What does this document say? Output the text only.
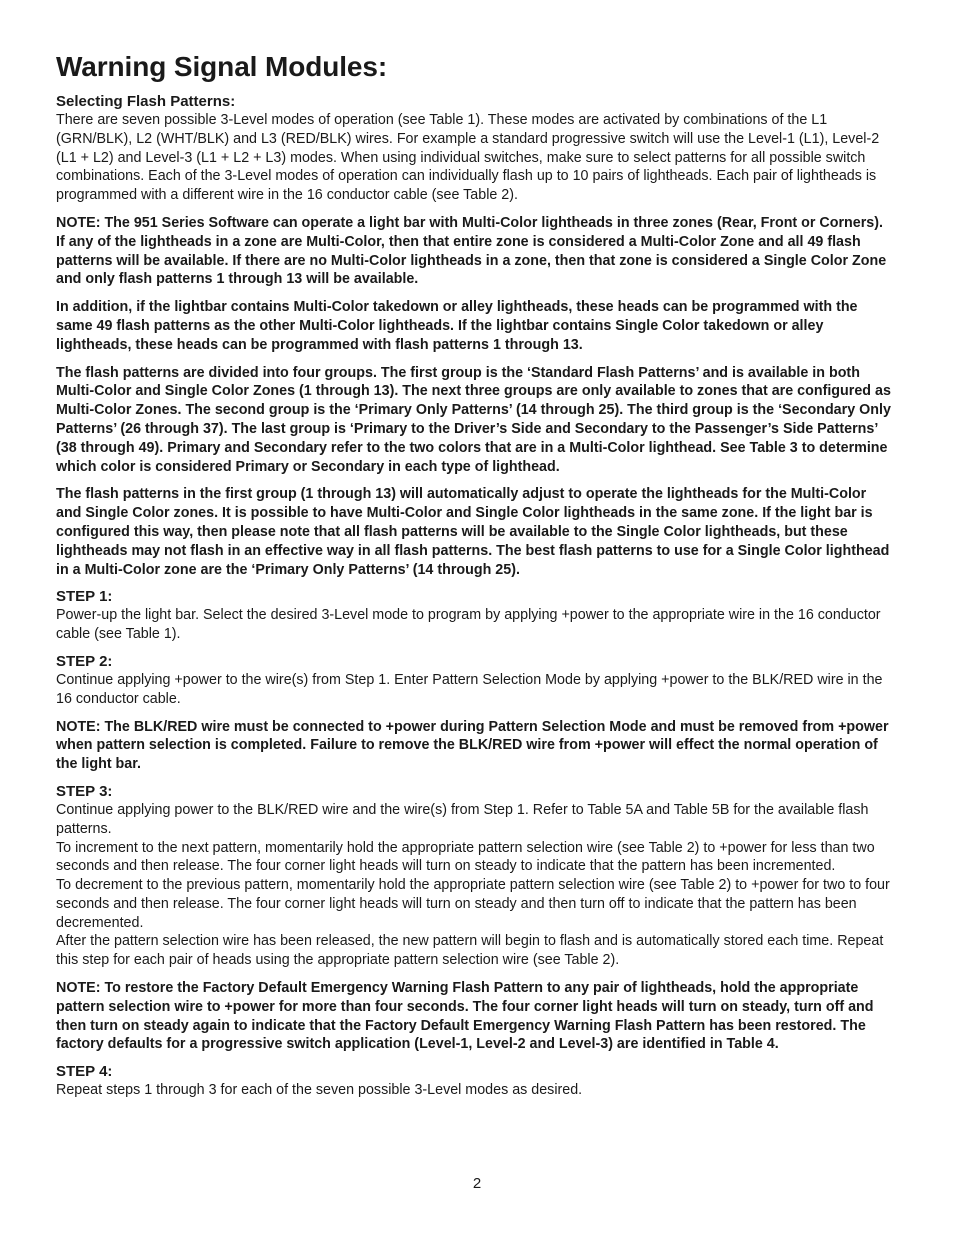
Warning Signal Modules:
Selecting Flash Patterns:

There are seven possible 3-Level modes of operation (see Table 1). These modes are activated by combinations of the L1 (GRN/BLK), L2 (WHT/BLK) and L3 (RED/BLK) wires. For example a standard progressive switch will use the Level-1 (L1), Level-2 (L1 + L2) and Level-3 (L1 + L2 + L3) modes. When using individual switches, make sure to select patterns for all possible switch combinations. Each of the 3-Level modes of operation can individually flash up to 10 pairs of lightheads. Each pair of lightheads is programmed with a different wire in the 16 conductor cable (see Table 2).

NOTE: The 951 Series Software can operate a light bar with Multi-Color lightheads in three zones (Rear, Front or Corners). If any of the lightheads in a zone are Multi-Color, then that entire zone is considered a Multi-Color Zone and all 49 flash patterns will be available. If there are no Multi-Color lightheads in a zone, then that zone is considered a Single Color Zone and only flash patterns 1 through 13 will be available.

In addition, if the lightbar contains Multi-Color takedown or alley lightheads, these heads can be programmed with the same 49 flash patterns as the other Multi-Color lightheads. If the lightbar contains Single Color takedown or alley lightheads, these heads can be programmed with flash patterns 1 through 13.

The flash patterns are divided into four groups. The first group is the ‘Standard Flash Patterns’ and is available in both Multi-Color and Single Color Zones (1 through 13). The next three groups are only available to zones that are configured as Multi-Color Zones. The second group is the ‘Primary Only Patterns’ (14 through 25). The third group is the ‘Secondary Only Patterns’ (26 through 37). The last group is ‘Primary to the Driver’s Side and Secondary to the Passenger’s Side Patterns’ (38 through 49). Primary and Secondary refer to the two colors that are in a Multi-Color lighthead. See Table 3 to determine which color is considered Primary or Secondary in each type of lighthead.

The flash patterns in the first group (1 through 13) will automatically adjust to operate the lightheads for the Multi-Color and Single Color zones. It is possible to have Multi-Color and Single Color lightheads in the same zone. If the light bar is configured this way, then please note that all flash patterns will be available to the Single Color lightheads, but these lightheads may not flash in an effective way in all flash patterns. The best flash patterns to use for a Single Color lighthead in a Multi-Color zone are the ‘Primary Only Patterns’ (14 through 25).

STEP 1:

Power-up the light bar. Select the desired 3-Level mode to program by applying +power to the appropriate wire in the 16 conductor cable (see Table 1).

STEP 2:

Continue applying +power to the wire(s) from Step 1. Enter Pattern Selection Mode by applying +power to the BLK/RED wire in the 16 conductor cable.

NOTE: The BLK/RED wire must be connected to +power during Pattern Selection Mode and must be removed from +power when pattern selection is completed. Failure to remove the BLK/RED wire from +power will effect the normal operation of the light bar.

STEP 3:

Continue applying power to the BLK/RED wire and the wire(s) from Step 1. Refer to Table 5A and Table 5B for the available flash patterns.

To increment to the next pattern, momentarily hold the appropriate pattern selection wire (see Table 2) to +power for less than two seconds and then release. The four corner light heads will turn on steady to indicate that the pattern has been incremented.

To decrement to the previous pattern, momentarily hold the appropriate pattern selection wire (see Table 2) to +power for two to four seconds and then release. The four corner light heads will turn on steady and then turn off to indicate that the pattern has been decremented.

After the pattern selection wire has been released, the new pattern will begin to flash and is automatically stored each time. Repeat this step for each pair of heads using the appropriate pattern selection wire (see Table 2).

NOTE: To restore the Factory Default Emergency Warning Flash Pattern to any pair of lightheads, hold the appropriate pattern selection wire to +power for more than four seconds. The four corner light heads will turn on steady, turn off and then turn on steady again to indicate that the Factory Default Emergency Warning Flash Pattern has been restored. The factory defaults for a progressive switch application (Level-1, Level-2 and Level-3) are identified in Table 4.

STEP 4:

Repeat steps 1 through 3 for each of the seven possible 3-Level modes as desired.

2
